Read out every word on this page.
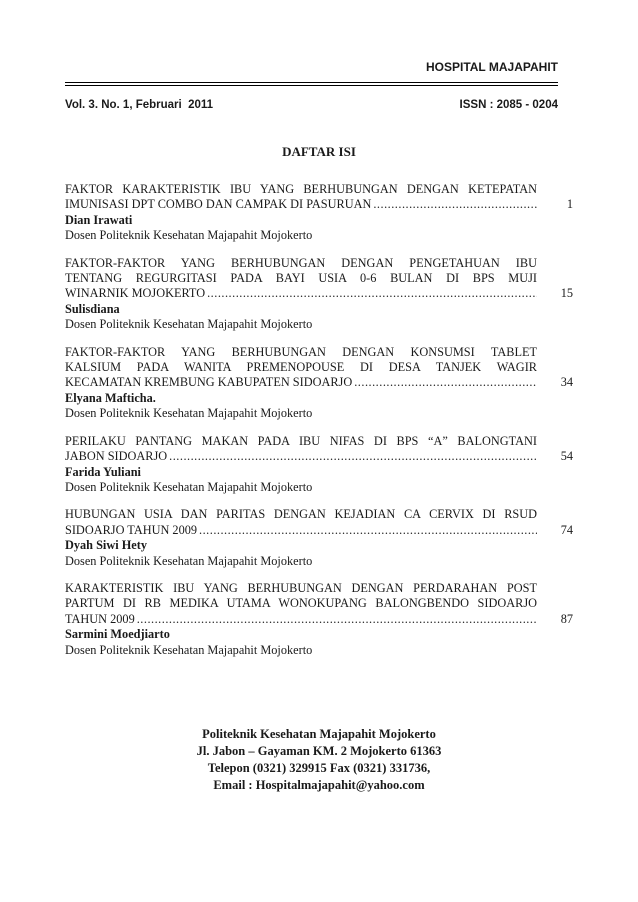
HOSPITAL MAJAPAHIT
Vol. 3. No. 1, Februari  2011	ISSN : 2085 - 0204
DAFTAR ISI
FAKTOR KARAKTERISTIK IBU YANG BERHUBUNGAN DENGAN KETEPATAN
IMUNISASI DPT COMBO DAN CAMPAK DI PASURUAN .....	1
Dian Irawati
Dosen Politeknik Kesehatan Majapahit Mojokerto
FAKTOR-FAKTOR YANG BERHUBUNGAN DENGAN PENGETAHUAN IBU
TENTANG REGURGITASI PADA BAYI USIA 0-6 BULAN DI BPS MUJI
WINARNIK MOJOKERTO .....	15
Sulisdiana
Dosen Politeknik Kesehatan Majapahit Mojokerto
FAKTOR-FAKTOR YANG BERHUBUNGAN DENGAN KONSUMSI TABLET
KALSIUM PADA WANITA PREMENOPOUSE DI DESA TANJEK WAGIR
KECAMATAN KREMBUNG KABUPATEN SIDOARJO .....	34
Elyana Mafticha.
Dosen Politeknik Kesehatan Majapahit Mojokerto
PERILAKU PANTANG MAKAN PADA IBU NIFAS DI BPS “A” BALONGTANI
JABON SIDOARJO .....	54
Farida Yuliani
Dosen Politeknik Kesehatan Majapahit Mojokerto
HUBUNGAN USIA DAN PARITAS DENGAN KEJADIAN CA CERVIX DI RSUD
SIDOARJO TAHUN 2009 .....	74
Dyah Siwi Hety
Dosen Politeknik Kesehatan Majapahit Mojokerto
KARAKTERISTIK IBU YANG BERHUBUNGAN DENGAN PERDARAHAN POST
PARTUM DI RB MEDIKA UTAMA WONOKUPANG BALONGBENDO SIDOARJO
TAHUN 2009 .....	87
Sarmini Moedjiarto
Dosen Politeknik Kesehatan Majapahit Mojokerto
Politeknik Kesehatan Majapahit Mojokerto
Jl. Jabon – Gayaman KM. 2 Mojokerto 61363
Telepon (0321) 329915 Fax (0321) 331736,
Email : Hospitalmajapahit@yahoo.com
